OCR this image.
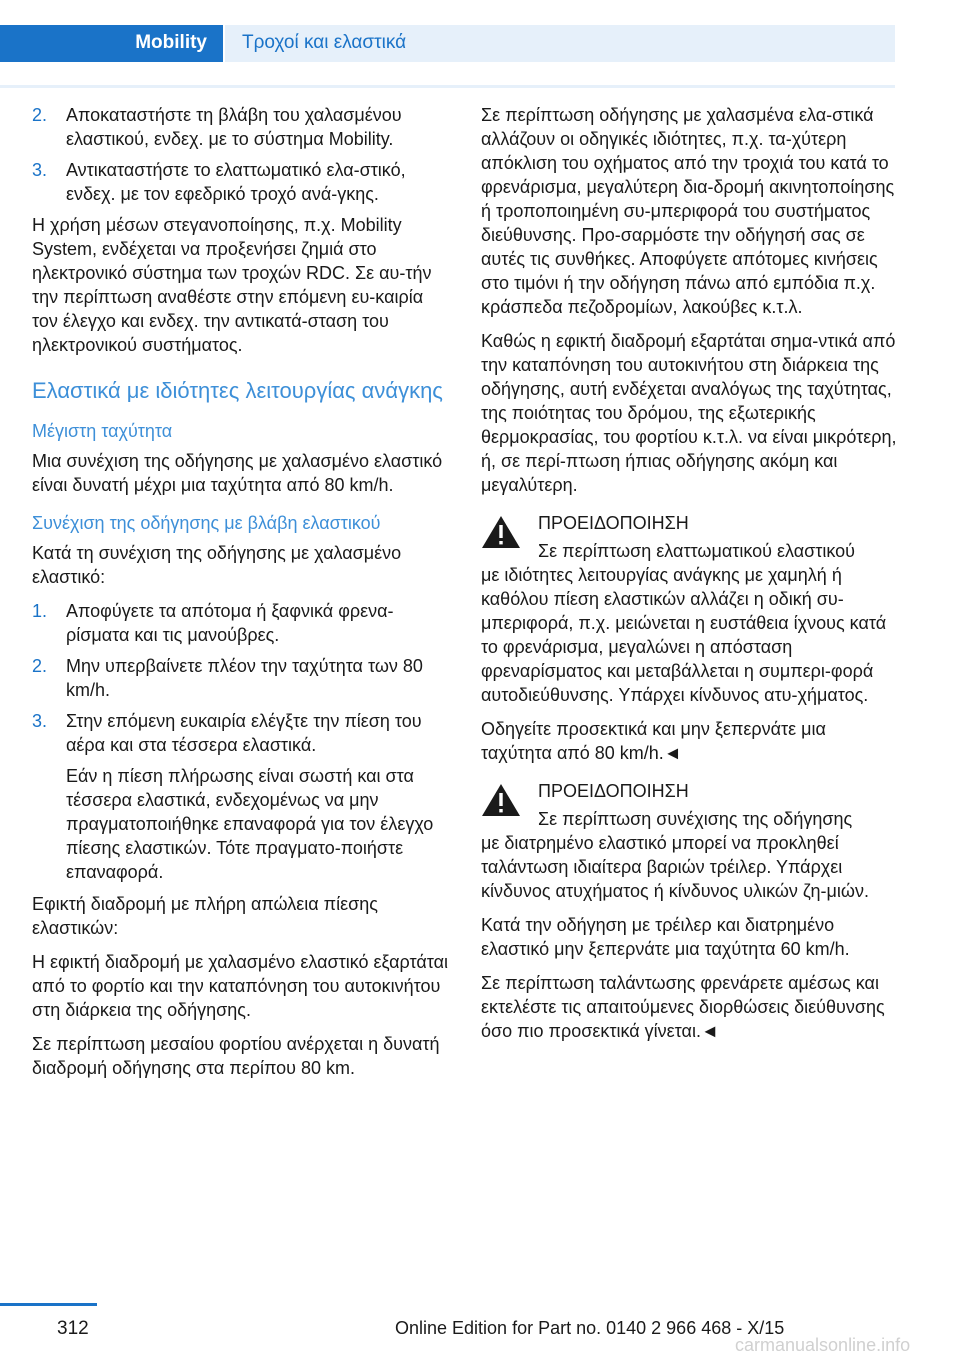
Mobility Τροχοί και ελαστικά
2. Αποκαταστήστε τη βλάβη του χαλασμένου ελαστικού, ενδεχ. με το σύστημα Mobility.
3. Αντικαταστήστε το ελαττωματικό ελα-στικό, ενδεχ. με τον εφεδρικό τροχό ανά-γκης.

Η χρήση μέσων στεγανοποίησης, π.χ. Mobility System, ενδέχεται να προξενήσει ζημιά στο ηλεκτρονικό σύστημα των τροχών RDC. Σε αυ-τήν την περίπτωση αναθέστε στην επόμενη ευ-καιρία τον έλεγχο και ενδεχ. την αντικατά-σταση του ηλεκτρονικού συστήματος.

Ελαστικά με ιδιότητες λειτουργίας ανάγκης
Μέγιστη ταχύτητα

Μια συνέχιση της οδήγησης με χαλασμένο ελαστικό είναι δυνατή μέχρι μια ταχύτητα από 80 km/h.

Συνέχιση της οδήγησης με βλάβη ελαστικού

Κατά τη συνέχιση της οδήγησης με χαλασμένο ελαστικό:

1. Αποφύγετε τα απότομα ή ξαφνικά φρενα-ρίσματα και τις μανούβρες.
2. Μην υπερβαίνετε πλέον την ταχύτητα των 80 km/h.
3. Στην επόμενη ευκαιρία ελέγξτε την πίεση του αέρα και στα τέσσερα ελαστικά.
Εάν η πίεση πλήρωσης είναι σωστή και στα τέσσερα ελαστικά, ενδεχομένως να μην πραγματοποιήθηκε επαναφορά για τον έλεγχο πίεσης ελαστικών. Τότε πραγματο-ποιήστε επαναφορά.

Εφικτή διαδρομή με πλήρη απώλεια πίεσης ελαστικών:

Η εφικτή διαδρομή με χαλασμένο ελαστικό εξαρτάται από το φορτίο και την καταπόνηση του αυτοκινήτου στη διάρκεια της οδήγησης.

Σε περίπτωση μεσαίου φορτίου ανέρχεται η δυνατή διαδρομή οδήγησης στα περίπου 80 km.

Σε περίπτωση οδήγησης με χαλασμένα ελα-στικά αλλάζουν οι οδηγικές ιδιότητες, π.χ. τα-χύτερη απόκλιση του οχήματος από την τροχιά του κατά το φρενάρισμα, μεγαλύτερη δια-δρομή ακινητοποίησης ή τροποποιημένη συ-μπεριφορά του συστήματος διεύθυνσης. Προ-σαρμόστε την οδήγησή σας σε αυτές τις συνθήκες. Αποφύγετε απότομες κινήσεις στο τιμόνι ή την οδήγηση πάνω από εμπόδια π.χ. κράσπεδα πεζοδρομίων, λακούβες κ.τ.λ.

Καθώς η εφικτή διαδρομή εξαρτάται σημα-ντικά από την καταπόνηση του αυτοκινήτου στη διάρκεια της οδήγησης, αυτή ενδέχεται αναλόγως της ταχύτητας, της ποιότητας του δρόμου, της εξωτερικής θερμοκρασίας, του φορτίου κ.τ.λ. να είναι μικρότερη, ή, σε περί-πτωση ήπιας οδήγησης ακόμη και μεγαλύτερη.

ΠΡΟΕΙΔΟΠΟΙΗΣΗ
Σε περίπτωση ελαττωματικού ελαστικού

με ιδιότητες λειτουργίας ανάγκης με χαμηλή ή καθόλου πίεση ελαστικών αλλάζει η οδική συ-μπεριφορά, π.χ. μειώνεται η ευστάθεια ίχνους κατά το φρενάρισμα, μεγαλώνει η απόσταση φρεναρίσματος και μεταβάλλεται η συμπερι-φορά αυτοδιεύθυνσης. Υπάρχει κίνδυνος ατυ-χήματος.

Οδηγείτε προσεκτικά και μην ξεπερνάτε μια ταχύτητα από 80 km/h.◄

ΠΡΟΕΙΔΟΠΟΙΗΣΗ
Σε περίπτωση συνέχισης της οδήγησης

με διατρημένο ελαστικό μπορεί να προκληθεί ταλάντωση ιδιαίτερα βαριών τρέιλερ. Υπάρχει κίνδυνος ατυχήματος ή κίνδυνος υλικών ζη-μιών.

Κατά την οδήγηση με τρέιλερ και διατρημένο ελαστικό μην ξεπερνάτε μια ταχύτητα 60 km/h.

Σε περίπτωση ταλάντωσης φρενάρετε αμέσως και εκτελέστε τις απαιτούμενες διορθώσεις διεύθυνσης όσο πιο προσεκτικά γίνεται.◄

312	Online Edition for Part no. 0140 2 966 468 - X/15
carmanualsonline.info
